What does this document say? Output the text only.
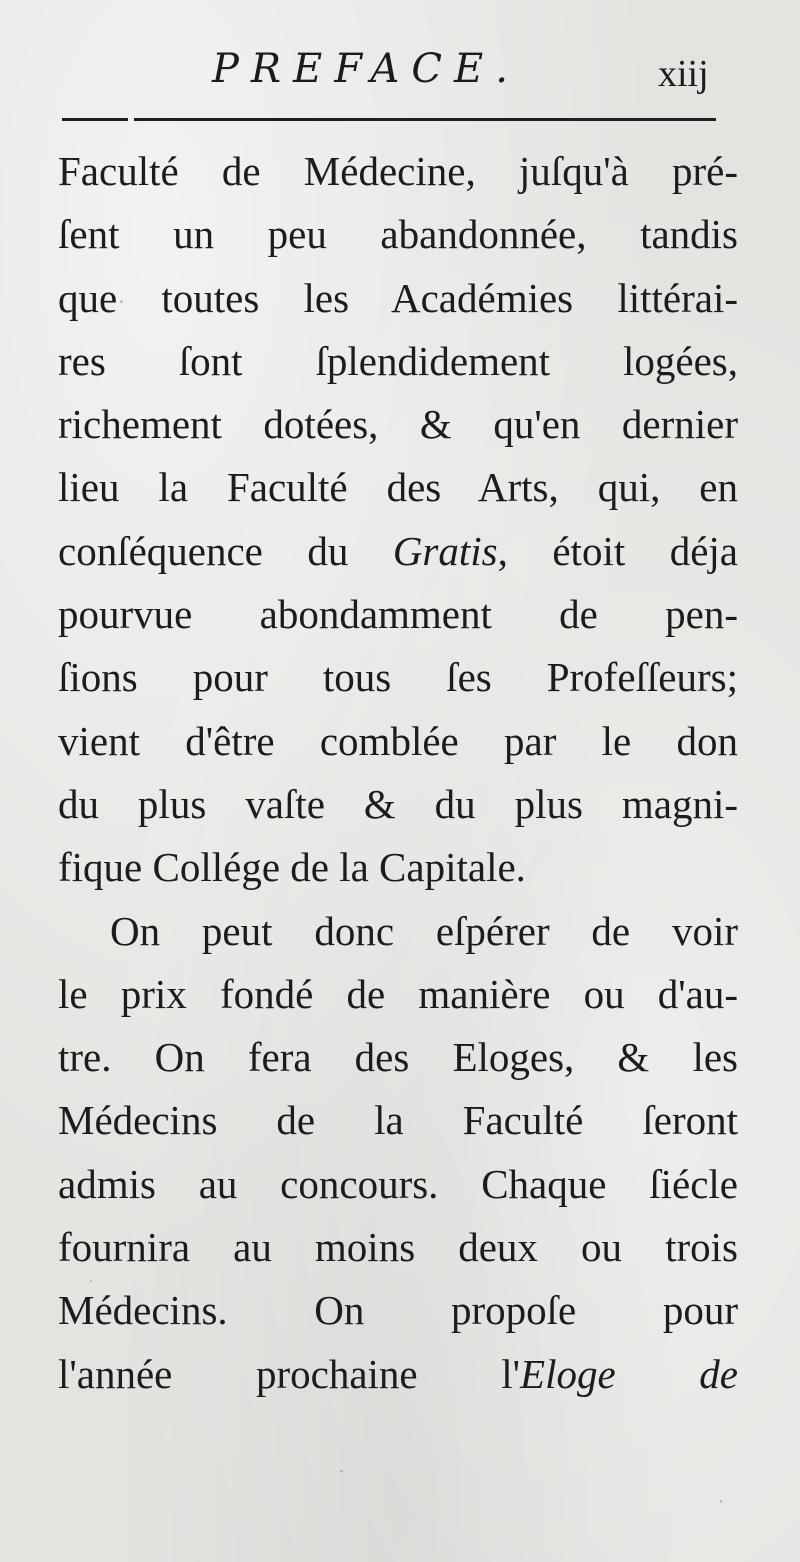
PREFACE.	xiij
Faculté de Médecine, juſqu'à pré-
ſent un peu abandonnée, tandis
que toutes les Académies littérai-
res ſont ſplendidement logées,
richement dotées, & qu'en dernier
lieu la Faculté des Arts, qui, en
conſéquence du Gratis, étoit déja
pourvue abondamment de pen-
ſions pour tous ſes Profeſſeurs;
vient d'être comblée par le don
du plus vaſte & du plus magni-
fique Collége de la Capitale.
On peut donc eſpérer de voir
le prix fondé de manière ou d'au-
tre. On fera des Eloges, & les
Médecins de la Faculté ſeront
admis au concours. Chaque ſiécle
fournira au moins deux ou trois
Médecins. On propoſe pour
l'année prochaine l'Eloge de
